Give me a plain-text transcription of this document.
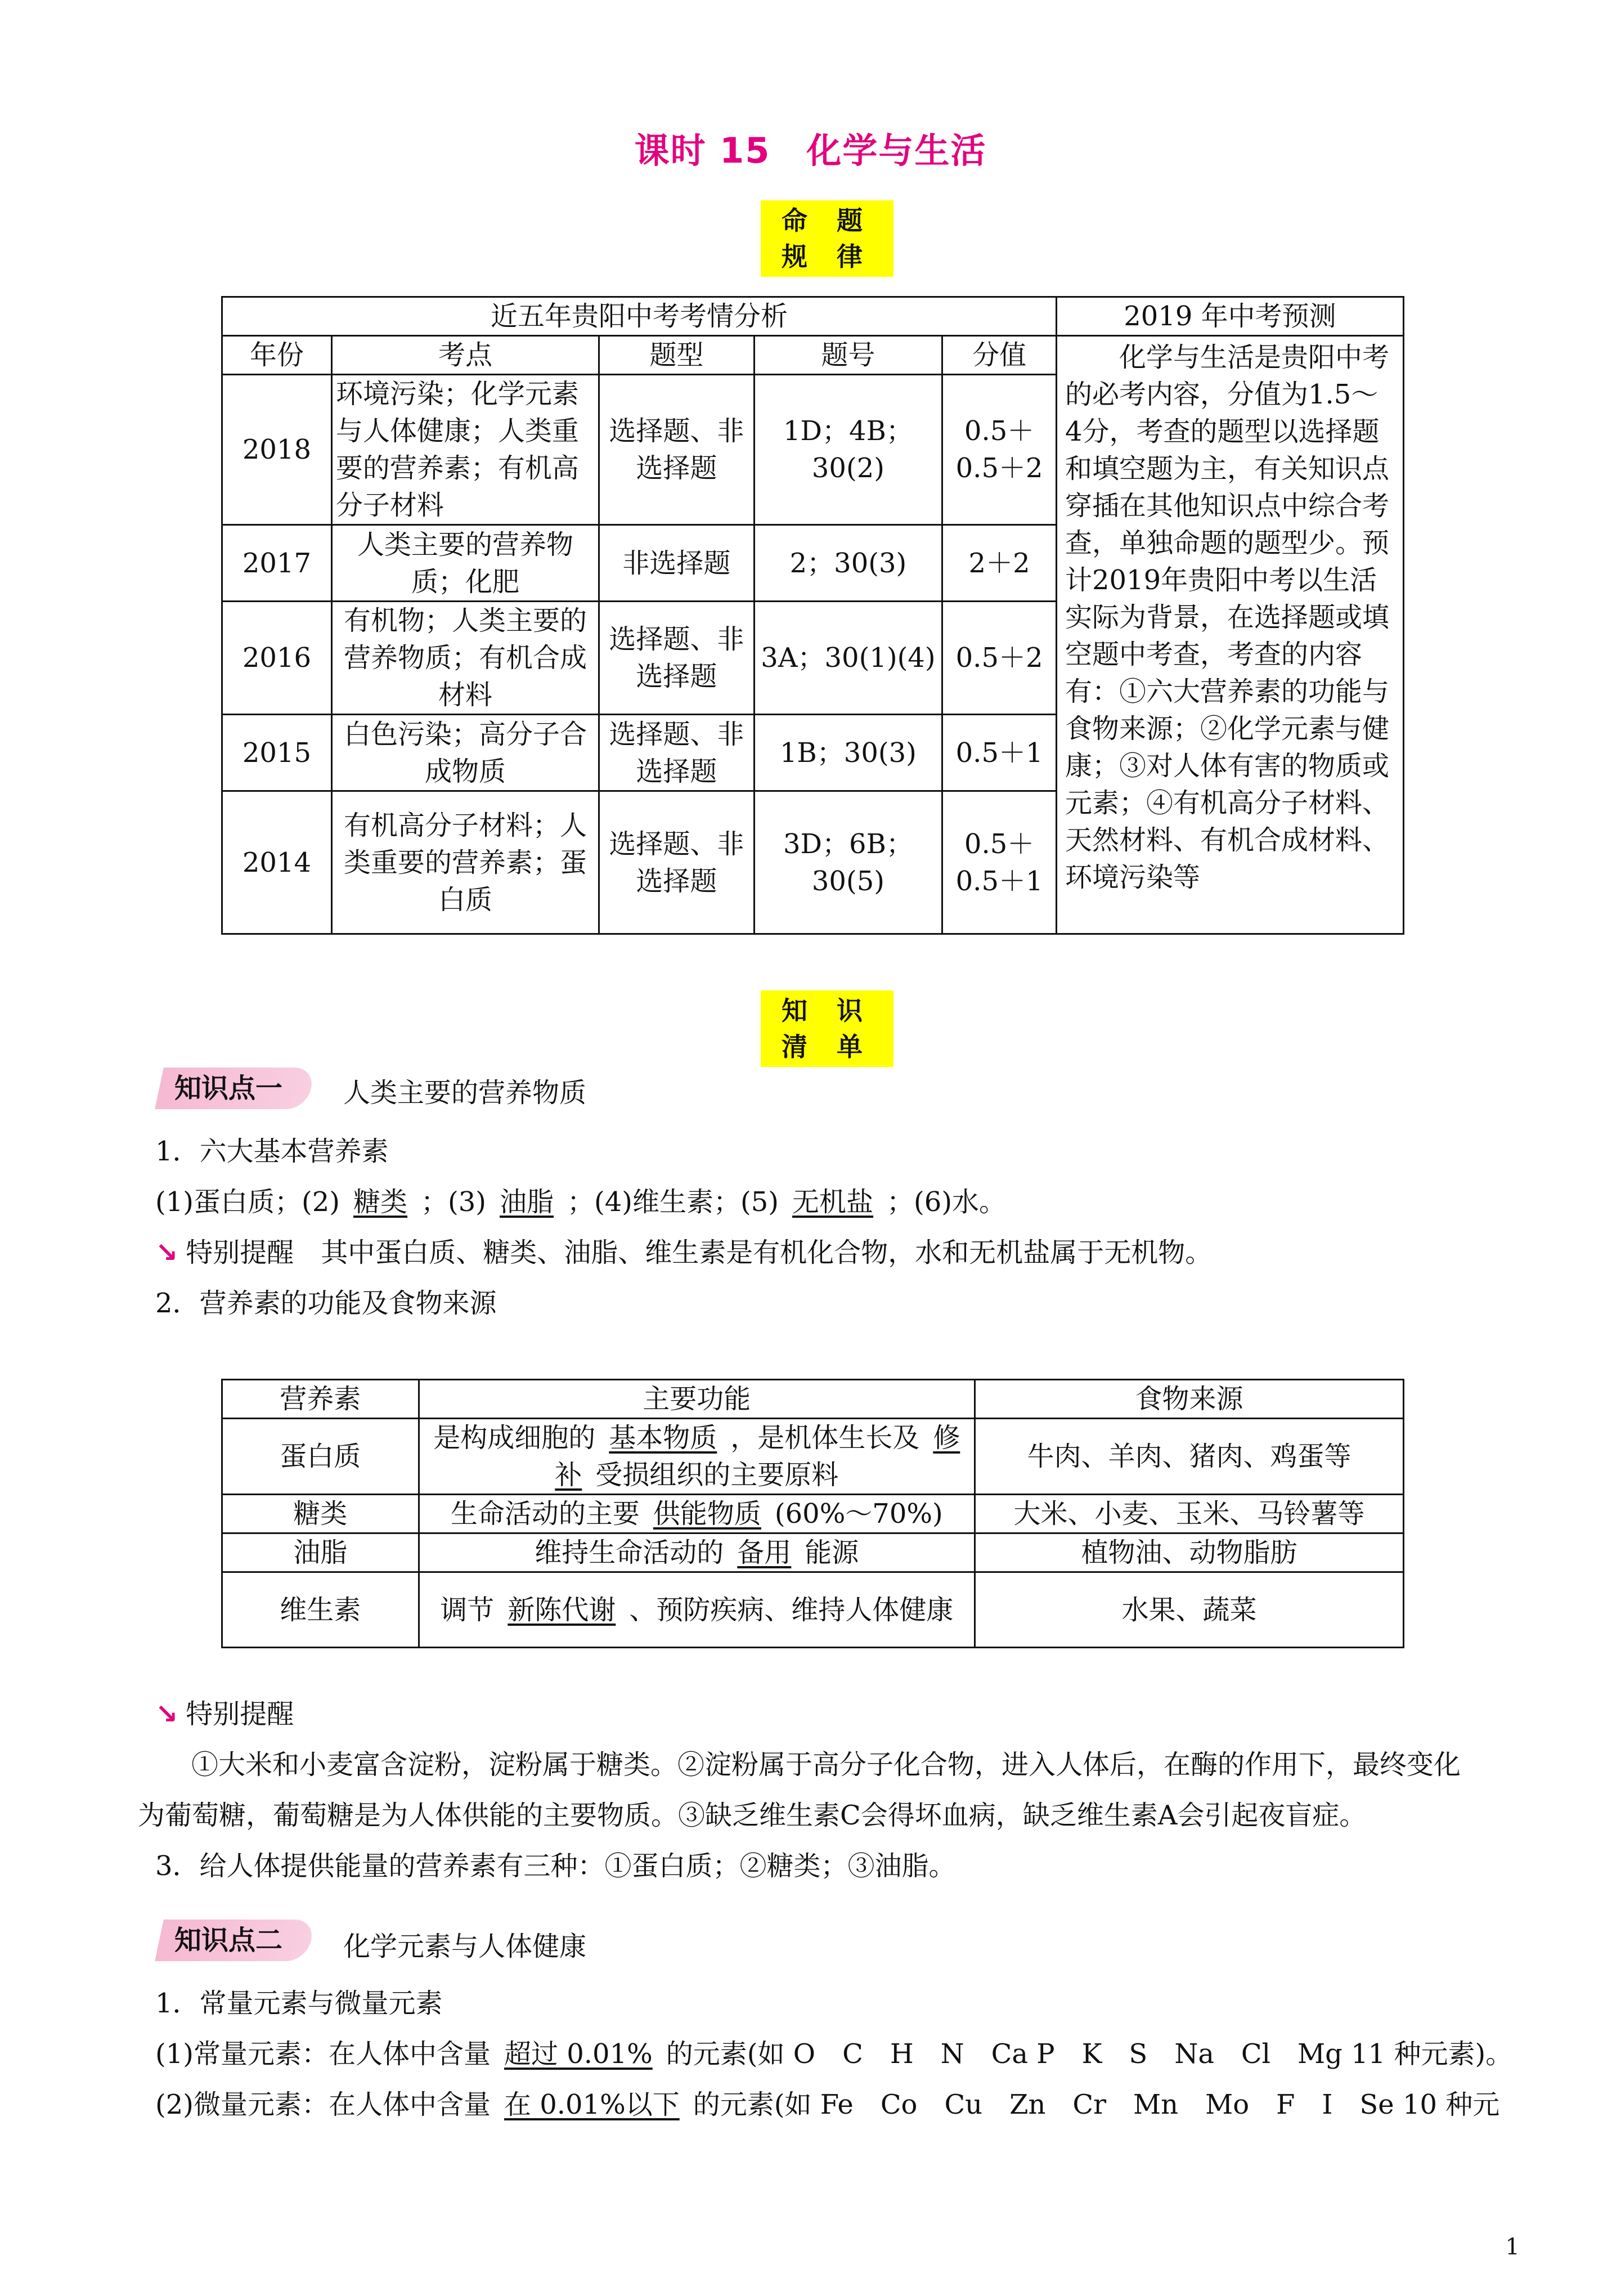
课时 15　化学与生活
命 题 规 律
近五年贵阳中考考情分析					2019 年中考预测
年份	考点	题型	题号	分值	化学与生活是贵阳中考的必考内容，分值为1.5～4分，考查的题型以选择题和填空题为主，有关知识点穿插在其他知识点中综合考查，单独命题的题型少。预计2019年贵阳中考以生活实际为背景，在选择题或填空题中考查，考查的内容有：①六大营养素的功能与食物来源；②化学元素与健康；③对人体有害的物质或元素；④有机高分子材料、天然材料、有机合成材料、环境污染等
2018	环境污染；化学元素与人体健康；人类重要的营养素；有机高分子材料	选择题、非选择题	1D；4B；30(2)	0.5＋0.5＋2	
2017	人类主要的营养物质；化肥	非选择题	2；30(3)	2＋2	
2016	有机物；人类主要的营养物质；有机合成材料	选择题、非选择题	3A；30(1)(4)	0.5＋2	
2015	白色污染；高分子合成物质	选择题、非选择题	1B；30(3)	0.5＋1	
2014	有机高分子材料；人类重要的营养素；蛋白质	选择题、非选择题	3D；6B；30(5)	0.5＋0.5＋1	
知 识 清 单
知识点一 人类主要的营养物质
1．六大基本营养素
(1)蛋白质；(2) 糖类 ；(3) 油脂 ；(4)维生素；(5) 无机盐 ；(6)水。
↘ 特别提醒　 其中蛋白质、糖类、油脂、维生素是有机化合物，水和无机盐属于无机物。
2．营养素的功能及食物来源
营养素	主要功能	食物来源
蛋白质	是构成细胞的 基本物质 ，是机体生长及 修补 受损组织的主要原料	牛肉、羊肉、猪肉、鸡蛋等
糖类	生命活动的主要 供能物质 (60%～70%)	大米、小麦、玉米、马铃薯等
油脂	维持生命活动的 备用 能源	植物油、动物脂肪
维生素	调节 新陈代谢 、预防疾病、维持人体健康	水果、蔬菜
↘ 特别提醒
①大米和小麦富含淀粉，淀粉属于糖类。②淀粉属于高分子化合物，进入人体后，在酶的作用下，最终变化
为葡萄糖，葡萄糖是为人体供能的主要物质。③缺乏维生素C会得坏血病，缺乏维生素A会引起夜盲症。
3．给人体提供能量的营养素有三种：①蛋白质；②糖类；③油脂。
知识点二 化学元素与人体健康
1．常量元素与微量元素
(1)常量元素：在人体中含量 超过 0.01% 的元素(如 O　C　H　N　Ca P　K　S　Na　Cl　Mg 11 种元素)。
(2)微量元素：在人体中含量 在 0.01%以下 的元素(如 Fe　Co　Cu　Zn　Cr　Mn　Mo　F　I　Se 10 种元
1
